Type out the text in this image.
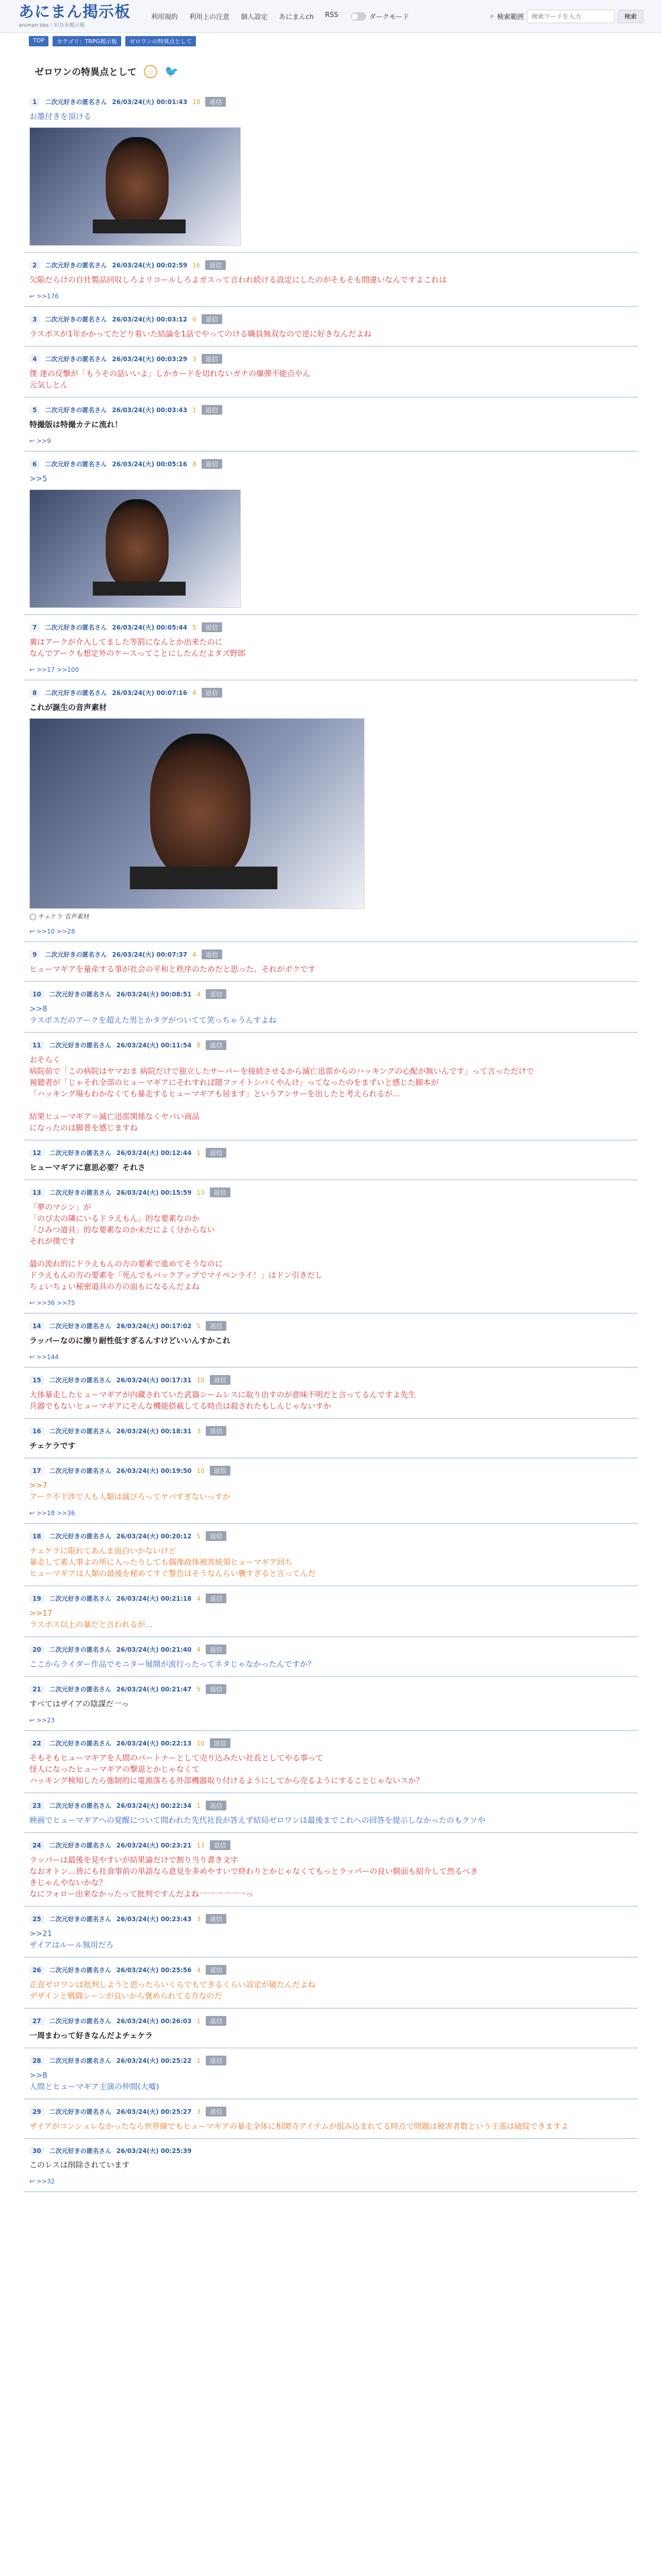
あにまん掲示板
animan bbs｜旧ＤＢ掲示板
利用規約 利用上の注意 個人設定 あにまんch RSS	ダークモード	⌕ 検索範囲
検索ワードを入力	検索
TOP	カテゴリ：TRPG掲示板	ゼロワンの特異点として
ゼロワンの特異点として	☆ 🐦
1	二次元好きの匿名さん 26/03/24(火) 00:01:43 10	返信
お墨付きを頂ける
2	二次元好きの匿名さん 26/03/24(火) 00:02:59 16	返信
欠陥だらけの自社製品回収しろよリコールしろよガスって言われ続ける設定にしたのがそもそも間違いなんですよこれは
↩ >>176
3	二次元好きの匿名さん 26/03/24(火) 00:03:12 6	返信
ラスボスが1年かかってたどり着いた結論を1話でやってのける職員無双なので逆に好きなんだよね
4	二次元好きの匿名さん 26/03/24(火) 00:03:29 3	返信
僕 達の反撃が「もうその話いいよ」しかカードを切れないガチの爆弾不能点やん
元気しとん
5	二次元好きの匿名さん 26/03/24(火) 00:03:43 1	返信
特撮版は特撮カテに流れ！
↩ >>9
6	二次元好きの匿名さん 26/03/24(火) 00:05:16 8	返信
>>5
7	二次元好きの匿名さん 26/03/24(火) 00:05:44 5	返信
裏はアークが介入してました等罰になんとか出来たのに
なんでアークも想定外のケースってことにしたんだよタズ野郎
↩ >>17 >>100
8	二次元好きの匿名さん 26/03/24(火) 00:07:16 4	返信
これが誕生の音声素材
◯ チェケラ 音声素材
↩ >>10 >>28
9	二次元好きの匿名さん 26/03/24(火) 00:07:37 4	返信
ヒューマギアを量産する事が社会の平和と秩序のためだと思った。それがボクです
10	二次元好きの匿名さん 26/03/24(火) 00:08:51 4	返信
>>8
ラスボスだのアークを超えた男とかタグがついてて笑っちゃうんすよね
11	二次元好きの匿名さん 26/03/24(火) 00:11:54 8	返信
おそらく
病院前で「この病院はヤマおま 病院だけで独立したサーバーを接続させるから滅亡迅雷からのハッキングの心配が無いんです」って言っただけで
視聴者が「じゃそれ全部のヒューマギアにそれすれば随ファイトシバくやんけ」ってなったのをまずいと感じた脚本が
「ハッキング場もわかなくても暴走するヒューマギアも居ます」というアンサーを出したと考えられるが…
結果ヒューマギア＝滅亡迅雷関係なくヤバい商品
になったのは脚普を感じますね
12	二次元好きの匿名さん 26/03/24(火) 00:12:44 1	返信
ヒューマギアに意思必要？それさ
13	二次元好きの匿名さん 26/03/24(火) 00:15:59 13	返信
「夢のマシン」が
「のび太の隣にいるドラえもん」的な要素なのか
「ひみつ道具」的な要素なのか未だによく分からない
それが僕です
最の流れ的にドラえもんの方の要素で進めてそうなのに
ドラえもんの方の要素を「死んでもバックアップでマイペンライ！」はドン引きだし
ちょいちょい秘密道具の方の面もになるんだよね
↩ >>36 >>75
14	二次元好きの匿名さん 26/03/24(火) 00:17:02 5	返信
ラッパーなのに擦り耐性低すぎるんすけどいいんすかこれ
↩ >>144
15	二次元好きの匿名さん 26/03/24(火) 00:17:31 10	返信
大体暴走したヒューマギアが内蔵されていた武器シームレスに取り出すのが意味不明だと言ってるんですよ先生
兵器でもないヒューマギアにそんな機能搭載してる時点は殺されたもしんじゃないすか
16	二次元好きの匿名さん 26/03/24(火) 00:18:31 3	返信
チェケラです
17	二次元好きの匿名さん 26/03/24(火) 00:19:50 10	返信
>>7
アーク不干渉で人も人類は滅びろってヤバすぎないっすか
↩ >>18 >>36
18	二次元好きの匿名さん 26/03/24(火) 00:20:12 5	返信
チェケラに限れてあんま面白いかないけど
暴走して素人事よの所に入ったりしても偶像政体被害統領ヒューマギア回ち
ヒューマギアは人類の最後を秘めてすぐ警告はそうなんらい襲すぎると言ってんだ
19	二次元好きの匿名さん 26/03/24(火) 00:21:18 4	返信
>>17
ラスボス以上の暴だと言われるが…
20	二次元好きの匿名さん 26/03/24(火) 00:21:40 4	返信
ここからライダー作品でモニター展開が流行ったってネタじゃなかったんですか？
21	二次元好きの匿名さん 26/03/24(火) 00:21:47 5	返信
すべてはザイアの陰謀だ一っ
↩ >>23
22	二次元好きの匿名さん 26/03/24(火) 00:22:13 10	返信
そもそもヒューマギアを人間のパートナーとして売り込みたい社長としてやる事って
怪人になったヒューマギアの撃退とかじゃなくて
ハッキング検知したら強制的に電源落ちる外部機器取り付けるようにしてから売るようにすることじゃないスか？
23	二次元好きの匿名さん 26/03/24(火) 00:22:34 1	返信
映画でヒューマギアへの覚醒について問われた先代社長が答えず結局ゼロワンは最後までこれへの回答を提示しなかったのもクソや
24	二次元好きの匿名さん 26/03/24(火) 00:23:21 13	返信
ラッパーは最後を見やすいが結果論だけで割り当り書き文字
なおオトン…皆にも社食事前の単語なら意見を多めやすいで終わりとかじゃなくてもっとラッパーの良い側面も紹介して然るべき
きじゃんやないかな？
なにフォロー出来なかったって批判ですんだよね一一一一一一っ
25	二次元好きの匿名さん 26/03/24(火) 00:23:43 3	返信
>>21
ザイアはルール無用だろ
26	二次元好きの匿名さん 26/03/24(火) 00:25:56 4	返信
正直ゼロワンは批判しようと思ったらいくらでもできるくらい設定が破たんだよね
デザインと戦闘シーンが良いから褒められてる方なのだ
27	二次元好きの匿名さん 26/03/24(火) 00:26:03 1	返信
一周まわって好きなんだよチェケラ
28	二次元好きの匿名さん 26/03/24(火) 00:25:22 1	返信
>>8
人間とヒューマギア主演の仲間(大嘘)
29	二次元好きの匿名さん 26/03/24(火) 00:25:27 3	返信
ザイアがコンシュレなかったなら世界線でもヒューマギアの暴走全体に相関寺アイテムが組み込まれてる時点で問題は被害者数という王張は破綻できますよ
30	二次元好きの匿名さん 26/03/24(火) 00:25:39
このレスは削除されています
↩ >>32
